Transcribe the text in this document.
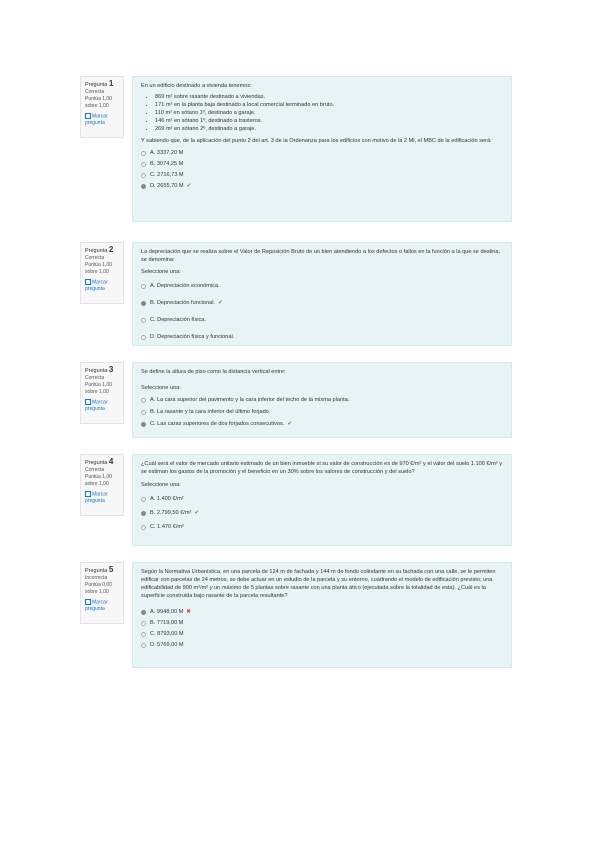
Pregunta 1
Correcta
Puntúa 1,00 sobre 1,00
Marcar pregunta
En un edificio destinado a vivienda tenemos:
• 869 m² sobre rasante destinado a viviendas.
• 171 m² en la planta baja destinado a local comercial terminado en bruto.
• 110 m² en sótano 1º, destinado a garaje.
• 146 m² en sótano 1º, destinado a trasteros.
• 269 m² en sótano 2º, destinado a garaje.
Y sabiendo que, de la aplicación del punto 2 del art. 3 de la Ordenanza para los edificios con motivo de la 2 Ml, el MBC de la edificación será:
A.
3337,20 M
B.
3074,25 M
C.
2716,73 M
D.
2655,70 M ✔
Pregunta 2
Correcta
Puntúa 1,00 sobre 1,00
Marcar pregunta
La depreciación que se realiza sobre el Valor de Reposición Bruto de un bien atendiendo a los defectos o fallos en la función a la que se destina, se denomina:
Seleccione una:
A.
Depreciación económica.
B.
Depreciación funcional. ✔
C.
Depreciación física.
D.
Depreciación física y funcional.
Pregunta 3
Correcta
Puntúa 1,00 sobre 1,00
Marcar pregunta
Se define la altura de piso como la distancia vertical entre:
Seleccione una:
A.
La cara superior del pavimento y la cara inferior del techo de la misma planta.
B.
La rasante y la cara inferior del último forjado.
C.
Las caras superiores de dos forjados consecutivos. ✔
Pregunta 4
Correcta
Puntúa 1,00 sobre 1,00
Marcar pregunta
¿Cuál será el valor de mercado unitario estimado de un bien inmueble si su valor de construcción es de 970 €/m² y el valor del suelo 1.100 €/m² y se estiman los gastos de la promoción y el beneficio en un 30% sobre los valores de construcción y del suelo?
Seleccione una:
A.
1.400 €/m²
B.
2.799,50 €/m² ✔
C.
1.470 €/m²
Pregunta 5
Incorrecta
Puntúa 0,00 sobre 1,00
Marcar pregunta
Según la Normativa Urbanística, en una parcela de 124 m de fachada y 144 m de fondo colindante en su fachada con una calle, se le permiten edificar con parcelas de 24 metros, se debe actuar en un estudio de la parcela y su entorno, cuadrando el modelo de edificación previsto; una edificabilidad de 900 m²/m² y un máximo de 5 plantas sobre rasante con una planta ático (ejecutada sobre la totalidad de esta). ¿Cuál es la superficie construida bajo rasante de la parcela resultante?
A.
9948,00 M ✖
B.
7719,00 M
C.
8793,00 M
D.
5769,00 M
